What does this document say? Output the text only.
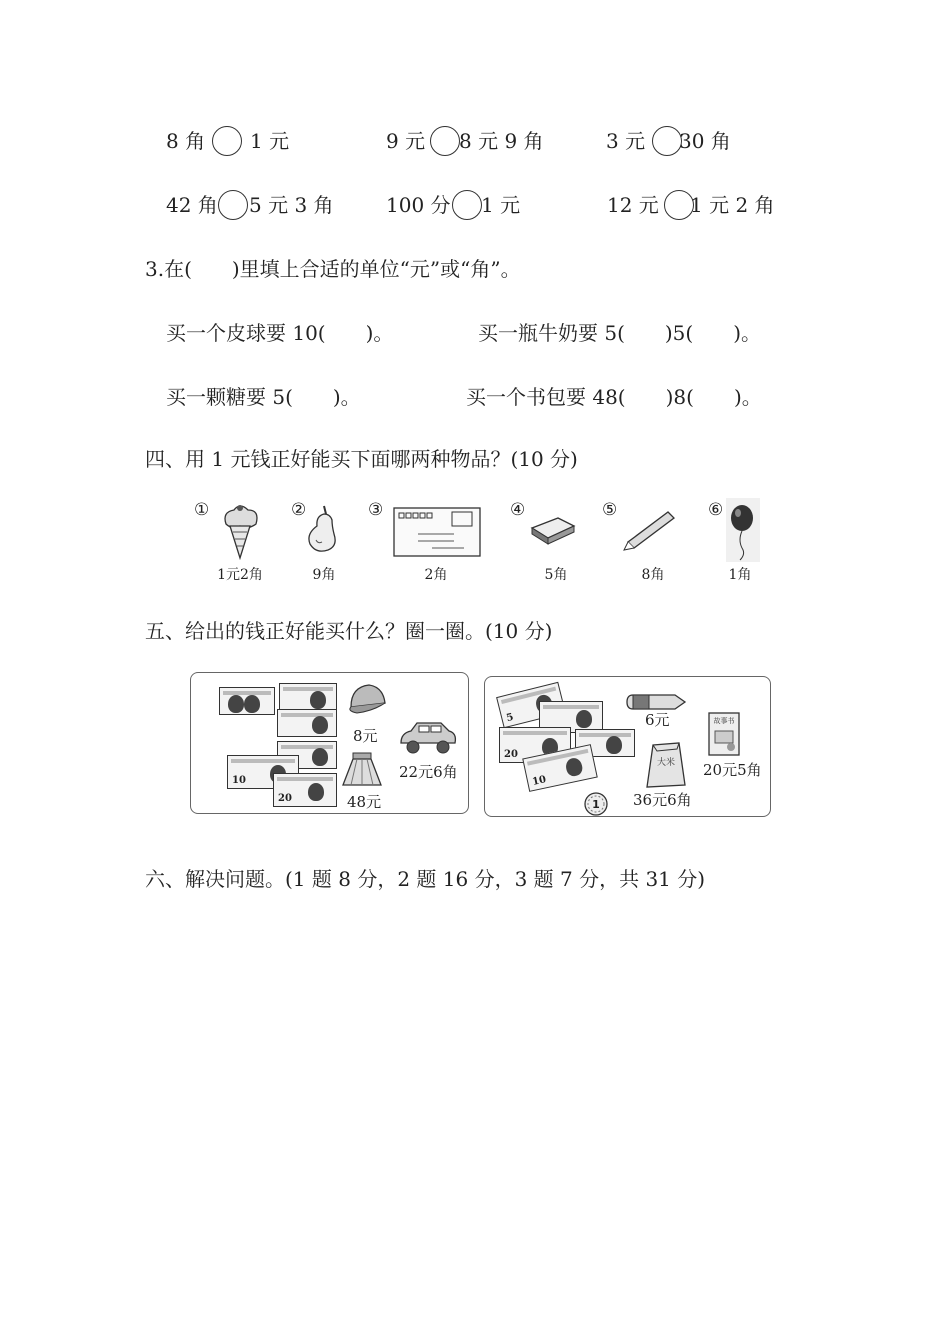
8 角 1 元	9 元 8 元 9 角	3 元 30 角
42 角 5 元 3 角	100 分 1 元	12 元 1 元 2 角
3.在(　　)里填上合适的单位“元”或“角”。
买一个皮球要 10(　　)。	买一瓶牛奶要 5(　　)5(　　)。
买一颗糖要 5(　　)。	买一个书包要 48(　　)8(　　)。
四、用 1 元钱正好能买下面哪两种物品？(10 分)
①
1元2角
②
9角
③
2角
④
5角
⑤
8角
⑥
1角
五、给出的钱正好能买什么？圈一圈。(10 分)
10
20
8元
48元
22元6角
5
20
10
1
6元
大米
36元6角
故事书
20元5角
六、解决问题。(1 题 8 分，2 题 16 分，3 题 7 分，共 31 分)
